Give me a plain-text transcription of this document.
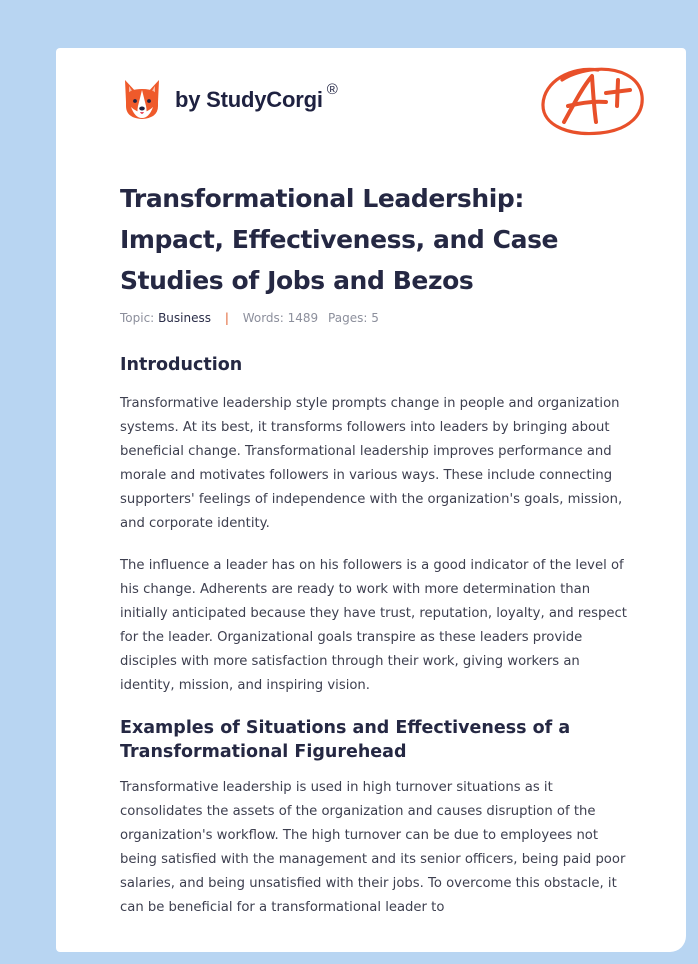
by StudyCorgi ®
Transformational Leadership: Impact, Effectiveness, and Case Studies of Jobs and Bezos
Topic: Business | Words: 1489 Pages: 5
Introduction

Transformative leadership style prompts change in people and organization systems. At its best, it transforms followers into leaders by bringing about beneficial change. Transformational leadership improves performance and morale and motivates followers in various ways. These include connecting supporters' feelings of independence with the organization's goals, mission, and corporate identity.

The influence a leader has on his followers is a good indicator of the level of his change. Adherents are ready to work with more determination than initially anticipated because they have trust, reputation, loyalty, and respect for the leader. Organizational goals transpire as these leaders provide disciples with more satisfaction through their work, giving workers an identity, mission, and inspiring vision.

Examples of Situations and Effectiveness of a Transformational Figurehead

Transformative leadership is used in high turnover situations as it consolidates the assets of the organization and causes disruption of the organization's workflow. The high turnover can be due to employees not being satisfied with the management and its senior officers, being paid poor salaries, and being unsatisfied with their jobs. To overcome this obstacle, it can be beneficial for a transformational leader to
